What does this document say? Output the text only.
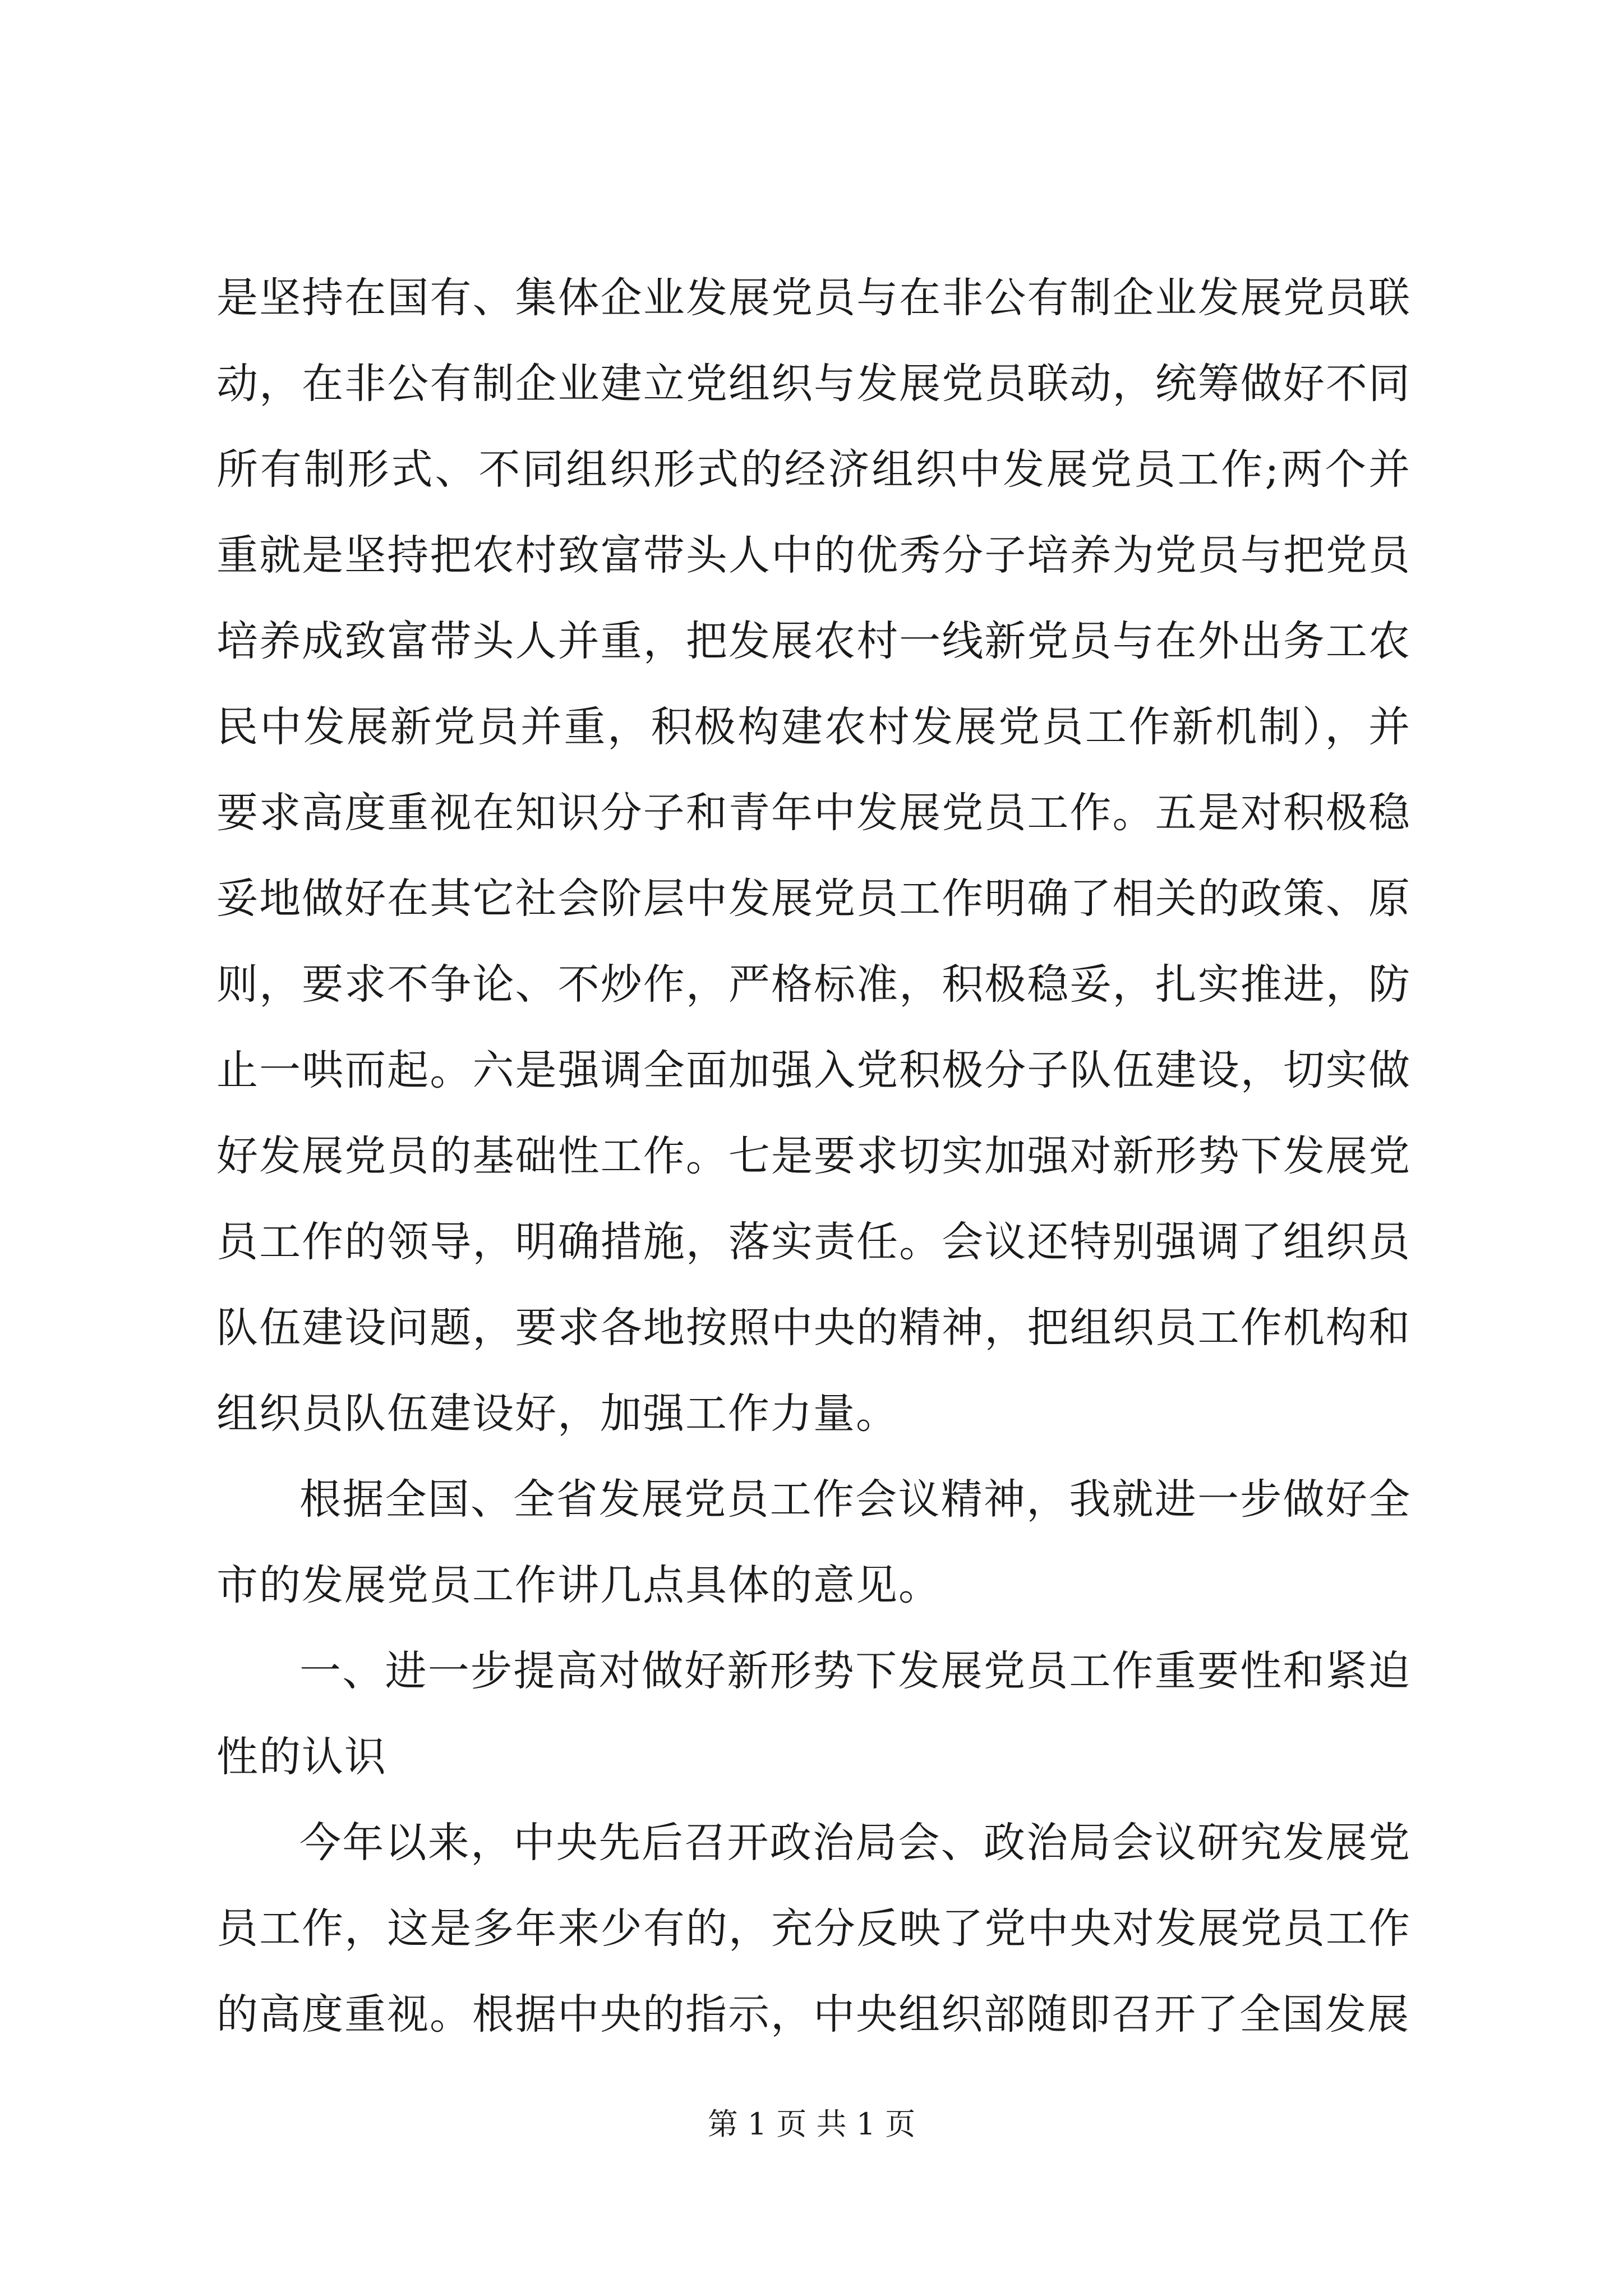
是坚持在国有、集体企业发展党员与在非公有制企业发展党员联动，在非公有制企业建立党组织与发展党员联动，统筹做好不同所有制形式、不同组织形式的经济组织中发展党员工作;两个并重就是坚持把农村致富带头人中的优秀分子培养为党员与把党员培养成致富带头人并重，把发展农村一线新党员与在外出务工农民中发展新党员并重，积极构建农村发展党员工作新机制），并要求高度重视在知识分子和青年中发展党员工作。五是对积极稳妥地做好在其它社会阶层中发展党员工作明确了相关的政策、原则，要求不争论、不炒作，严格标准，积极稳妥，扎实推进，防止一哄而起。六是强调全面加强入党积极分子队伍建设，切实做好发展党员的基础性工作。七是要求切实加强对新形势下发展党员工作的领导，明确措施，落实责任。会议还特别强调了组织员队伍建设问题，要求各地按照中央的精神，把组织员工作机构和组织员队伍建设好，加强工作力量。

根据全国、全省发展党员工作会议精神，我就进一步做好全市的发展党员工作讲几点具体的意见。

一、进一步提高对做好新形势下发展党员工作重要性和紧迫性的认识

今年以来，中央先后召开政治局会、政治局会议研究发展党员工作，这是多年来少有的，充分反映了党中央对发展党员工作的高度重视。根据中央的指示，中央组织部随即召开了全国发展

第 1 页 共 1 页
